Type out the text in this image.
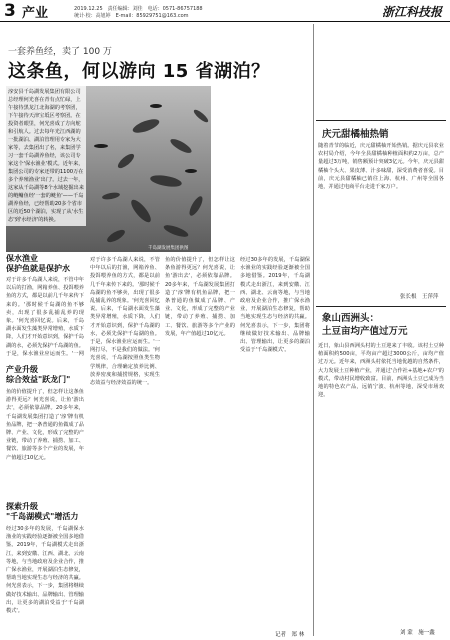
3 产业	2019.12.25　责任编辑：刘佳　电话：0571-86757188
统计·校：高旭婷　E-mail：85929751@163.com	浙江科技报
一套养鱼经，卖了 100 万
这条鱼，何以游向 15 省湖泊？
淳安县千岛湖发展集团有限公司总经理何光喜在青有点忙碌，上午接待黑龙江北海湖的考察团，下午接待天津宝坻区考察团。在投资者眼里，何光喜成了方向舵和引航人。过去每年光江西湖的一批湖泊、湖泊管理用专家为大家等，去集团出了名，来集团学习一套千岛湖养鱼经，该公司专家这个'保水渔业'模式。近年来，集团公司的专家还带的1100万在多个养殖渔业'出门'。过去一年，这家从千岛湖等8个水域挖掘出来的鲢鳙鱼经'一套的鲢鱼'——千岛湖养鱼经，已经帮助20多个省市区的近50个湖泊，实现了从'水生态'到'水经济'的转换。
千岛湖发展集团供图
保水渔业
保护鱼就是保护水
对于许多千岛湖人来说，不管中年以后的打渔，网箱养鱼、投饵喂养鱼的方式，都是以前几千年来传下来的。'那时候千岛湖的鱼不够卖，出现了很多乱捕乱养的现象。'何光喜回忆说。后来，千岛湖水面发生藻类异常增殖，水质下降，人们才开始意识到，保护千岛湖的水，必须先保护千岛湖的鱼。于是，保水渔业应运而生。'一网
产业升级
综合效益"跃龙门"
鱼的价值提升了，但怎样让这条鱼游得更远？何光喜说，让鱼'游出去'，必须依靠品牌。20多年来，千岛湖发展集团打造了'淳'牌有机鱼品牌，把一条普通的鱼做成了品牌、产业、文化，形成了完整的产业链，带动了养殖、捕捞、加工、餐饮、旅游等多个产业的发展，年产值超过10亿元。
探索升级
"千岛湖模式"增活力
经过30多年的发展，千岛湖保水渔业的实践经验逐渐被全国多地借鉴。2019年，千岛湖模式走出浙江，来到安徽、江西、湖北、云南等地，与当地政府及企业合作，推广保水渔业，开展湖泊生态修复，帮助当地实现生态与经济的共赢。何光喜表示，下一步，集团将继续做好技术输出、品牌输出、管理输出，让更多的湖泊受益于'千岛湖模式'。
对于许多千岛湖人来说，不管中年以后的打渔，网箱养鱼、投饵喂养鱼的方式，都是以前几千年来传下来的。'那时候千岛湖的鱼不够卖，出现了很多乱捕乱养的现象。'何光喜回忆说。后来，千岛湖水面发生藻类异常增殖，水质下降，人们才开始意识到，保护千岛湖的水，必须先保护千岛湖的鱼。于是，保水渔业应运而生。'一网打尽，不是我们的做法。'何光喜说，千岛湖按照鱼类生物学规律，合理确定放养比例、放养密度和捕捞规格，实现生态效益与经济效益的统一。
鱼的价值提升了，但怎样让这条鱼游得更远？何光喜说，让鱼'游出去'，必须依靠品牌。20多年来，千岛湖发展集团打造了'淳'牌有机鱼品牌，把一条普通的鱼做成了品牌、产业、文化，形成了完整的产业链，带动了养殖、捕捞、加工、餐饮、旅游等多个产业的发展，年产值超过10亿元。
经过30多年的发展，千岛湖保水渔业的实践经验逐渐被全国多地借鉴。2019年，千岛湖模式走出浙江，来到安徽、江西、湖北、云南等地，与当地政府及企业合作，推广保水渔业，开展湖泊生态修复，帮助当地实现生态与经济的共赢。何光喜表示，下一步，集团将继续做好技术输出、品牌输出、管理输出，让更多的湖泊受益于'千岛湖模式'。
记者　郑 林
庆元甜橘柚热销
随着青节的临近，庆元甜橘柚开始热销。据庆元县农业农村局介绍，今年全县甜橘柚种植面积约2万亩，总产量超过3万吨，销售额预计突破3亿元。今年，庆元县甜橘柚个头大、果皮薄、汁多味甜，深受消费者喜爱。目前，庆元县甜橘柚已销往上海、杭州、广州等全国各地，并通过电商平台走进千家万户。
张长根　王萍萍
象山西洲头：
土豆亩均产值过万元
近日，象山县西洲头村的土豆迎来了丰收。该村土豆种植面积约500亩，平均亩产超过3000公斤，亩均产值过万元。近年来，西洲头村依托当地优越的自然条件，大力发展土豆种植产业，并通过'合作社+基地+农户'的模式，带动村民增收致富。目前，西洲头土豆已成为当地的特色农产品，远销宁波、杭州等地，深受市场欢迎。
刘 蒙　施一鑫
